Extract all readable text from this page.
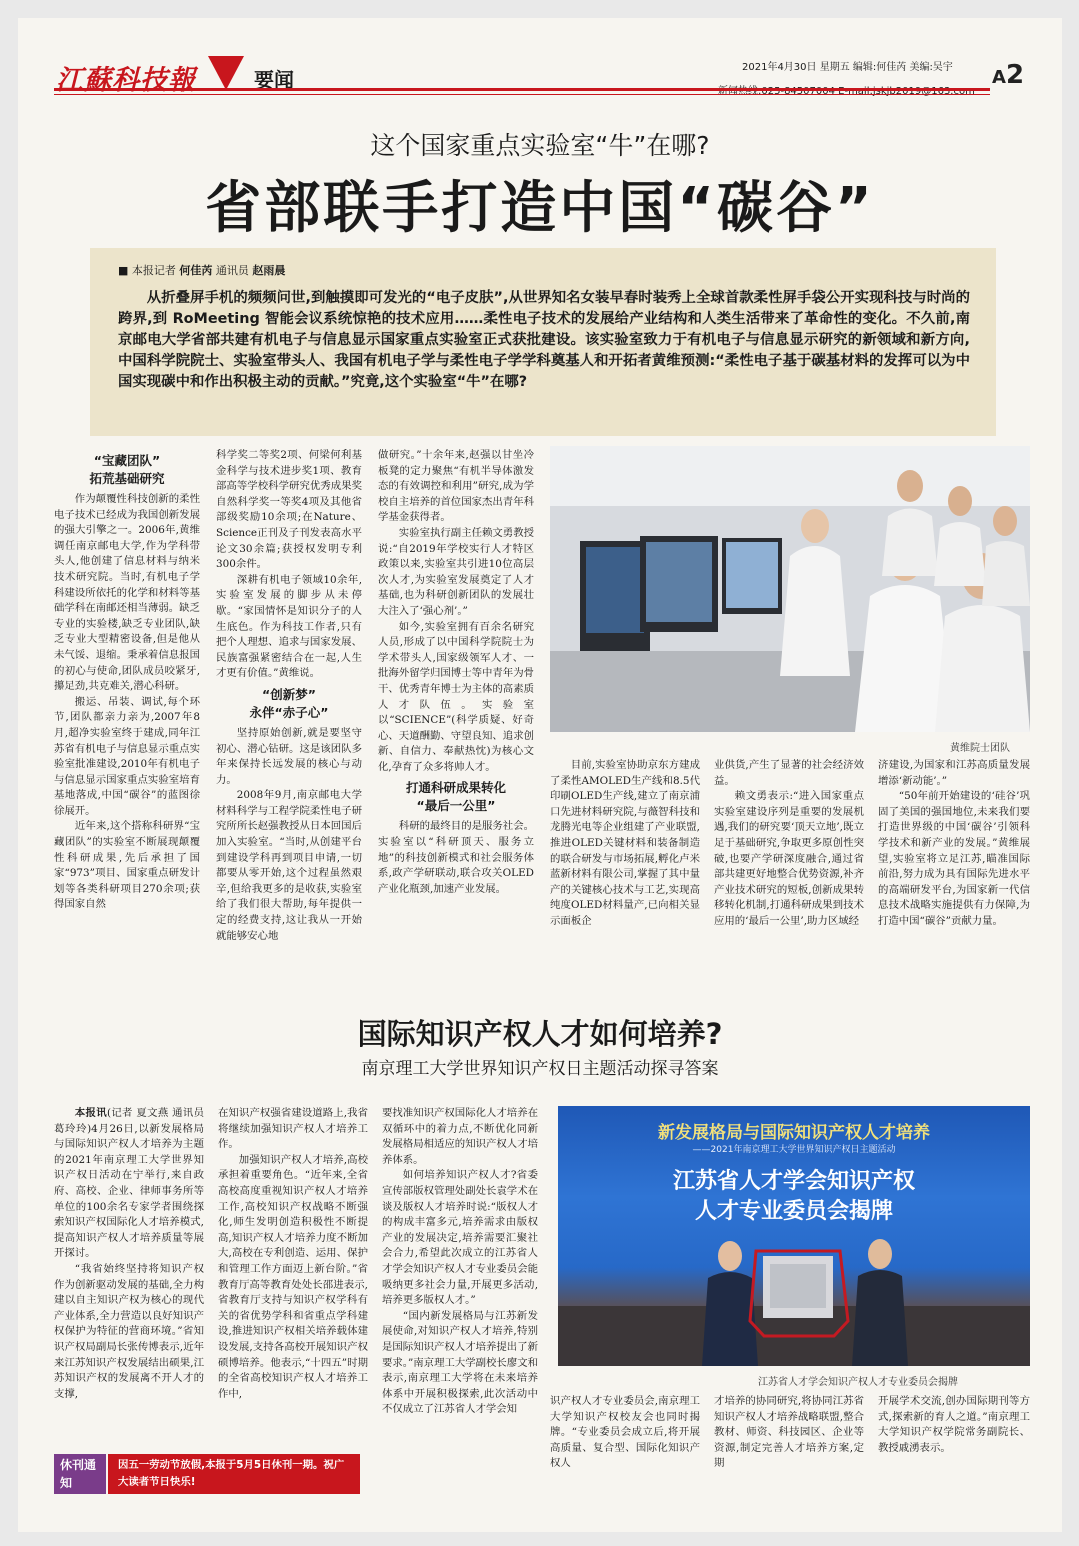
江蘇科技報	要闻
2021年4月30日 星期五 编辑:何佳芮 美编:吴宇
新闻热线:025-84507004 E-mail:jskjb2019@163.com
A2
这个国家重点实验室“牛”在哪?
省部联手打造中国“碳谷”
■ 本报记者 何佳芮 通讯员 赵雨晨

从折叠屏手机的频频问世,到触摸即可发光的“电子皮肤”,从世界知名女装早春时装秀上全球首款柔性屏手袋公开实现科技与时尚的跨界,到 RoMeeting 智能会议系统惊艳的技术应用……柔性电子技术的发展给产业结构和人类生活带来了革命性的变化。不久前,南京邮电大学省部共建有机电子与信息显示国家重点实验室正式获批建设。该实验室致力于有机电子与信息显示研究的新领域和新方向,中国科学院院士、实验室带头人、我国有机电子学与柔性电子学学科奠基人和开拓者黄维预测:“柔性电子基于碳基材料的发挥可以为中国实现碳中和作出积极主动的贡献。”究竟,这个实验室“牛”在哪?

“宝藏团队”
拓荒基础研究

作为颠覆性科技创新的柔性电子技术已经成为我国创新发展的强大引擎之一。2006年,黄维调任南京邮电大学,作为学科带头人,他创建了信息材料与纳米技术研究院。当时,有机电子学科建设所依托的化学和材料等基础学科在南邮还相当薄弱。缺乏专业的实验楼,缺乏专业团队,缺乏专业大型精密设备,但是他从未气馁、退缩。秉承着信息报国的初心与使命,团队成员咬紧牙,攥足劲,共克难关,潜心科研。

搬运、吊装、调试,每个环节,团队都亲力亲为,2007年8月,超净实验室终于建成,同年江苏省有机电子与信息显示重点实验室批准建设,2010年有机电子与信息显示国家重点实验室培育基地落成,中国“碳谷”的蓝图徐徐展开。

近年来,这个搭称科研界“宝藏团队”的实验室不断展现颠覆性科研成果,先后承担了国家“973”项目、国家重点研发计划等各类科研项目270余项;获得国家自然

科学奖二等奖2项、何梁何利基金科学与技术进步奖1项、教育部高等学校科学研究优秀成果奖自然科学奖一等奖4项及其他省部级奖励10余项;在Nature、Science正刊及子刊发表高水平论文30余篇;获授权发明专利300余件。

深耕有机电子领域10余年,实验室发展的脚步从未停歇。“家国情怀是知识分子的人生底色。作为科技工作者,只有把个人理想、追求与国家发展、民族富强紧密结合在一起,人生才更有价值。”黄维说。

“创新梦”
永伴“赤子心”

坚持原始创新,就是要坚守初心、潜心钻研。这是该团队多年来保持长远发展的核心与动力。

2008年9月,南京邮电大学材料科学与工程学院柔性电子研究所所长赵强教授从日本回国后加入实验室。“当时,从创建平台到建设学科再到项目申请,一切都要从零开始,这个过程虽然艰辛,但给我更多的是收获,实验室给了我们很大帮助,每年提供一定的经费支持,这让我从一开始就能够安心地

做研究。”十余年来,赵强以甘坐冷板凳的定力聚焦“有机半导体激发态的有效调控和利用”研究,成为学校自主培养的首位国家杰出青年科学基金获得者。

实验室执行副主任赖文勇教授说:“自2019年学校实行人才特区政策以来,实验室共引进10位高层次人才,为实验室发展奠定了人才基础,也为科研创新团队的发展壮大注入了‘强心剂’。”

如今,实验室拥有百余名研究人员,形成了以中国科学院院士为学术带头人,国家级领军人才、一批海外留学归国博士等中青年为骨干、优秀青年博士为主体的高素质人才队伍。实验室以“SCIENCE”(科学质疑、好奇心、天道酬勤、守望良知、追求创新、自信力、奉献热忱)为核心文化,孕育了众多将帅人才。

打通科研成果转化
“最后一公里”

科研的最终目的是服务社会。实验室以“科研顶天、服务立地”的科技创新模式和社会服务体系,政产学研联动,联合攻关OLED产业化瓶颈,加速产业发展。

黄维院士团队

目前,实验室协助京东方建成了柔性AMOLED生产线和8.5代印刷OLED生产线,建立了南京浦口先进材料研究院,与薇智科技和龙腾光电等企业组建了产业联盟,推进OLED关键材料和装备制造的联合研发与市场拓展,孵化卢米蓝新材料有限公司,掌握了其中量产的关键核心技术与工艺,实现高纯度OLED材料量产,已向相关显示面板企

业供货,产生了显著的社会经济效益。

赖文勇表示:“进入国家重点实验室建设序列是重要的发展机遇,我们的研究要‘顶天立地’,既立足于基础研究,争取更多原创性突破,也要产学研深度融合,通过省部共建更好地整合优势资源,补齐产业技术研究的短板,创新成果转移转化机制,打通科研成果到技术应用的‘最后一公里’,助力区域经

济建设,为国家和江苏高质量发展增添‘新动能’。”

“50年前开始建设的‘硅谷’巩固了美国的强国地位,未来我们要打造世界级的中国‘碳谷’引领科学技术和新产业的发展。”黄维展望,实验室将立足江苏,瞄准国际前沿,努力成为具有国际先进水平的高端研发平台,为国家新一代信息技术战略实施提供有力保障,为打造中国“碳谷”贡献力量。

国际知识产权人才如何培养?
南京理工大学世界知识产权日主题活动探寻答案

本报讯(记者 夏文燕 通讯员 葛玲玲)4月26日,以新发展格局与国际知识产权人才培养为主题的2021年南京理工大学世界知识产权日活动在宁举行,来自政府、高校、企业、律师事务所等单位的100余名专家学者围绕探索知识产权国际化人才培养模式,提高知识产权人才培养质量等展开探讨。

“我省始终坚持将知识产权作为创新驱动发展的基础,全力构建以自主知识产权为核心的现代产业体系,全力营造以良好知识产权保护为特征的营商环境。”省知识产权局副局长张传博表示,近年来江苏知识产权发展结出硕果,江苏知识产权的发展离不开人才的支撑,

在知识产权强省建设道路上,我省将继续加强知识产权人才培养工作。

加强知识产权人才培养,高校承担着重要角色。“近年来,全省高校高度重视知识产权人才培养工作,高校知识产权战略不断强化,师生发明创造积极性不断提高,知识产权人才培养力度不断加大,高校在专利创造、运用、保护和管理工作方面迈上新台阶。”省教育厅高等教育处处长邵进表示,省教育厅支持与知识产权学科有关的省优势学科和省重点学科建设,推进知识产权相关培养载体建设发展,支持各高校开展知识产权硕博培养。他表示,“十四五”时期的全省高校知识产权人才培养工作中,

要找准知识产权国际化人才培养在双循环中的着力点,不断优化同新发展格局相适应的知识产权人才培养体系。

如何培养知识产权人才?省委宣传部版权管理处副处长袁学术在谈及版权人才培养时说:“版权人才的构成丰富多元,培养需求由版权产业的发展决定,培养需要汇聚社会合力,希望此次成立的江苏省人才学会知识产权人才专业委员会能吸纳更多社会力量,开展更多活动,培养更多版权人才。”

“国内新发展格局与江苏新发展使命,对知识产权人才培养,特别是国际知识产权人才培养提出了新要求。”南京理工大学副校长廖文和表示,南京理工大学将在未来培养体系中开展积极探索,此次活动中不仅成立了江苏省人才学会知

新发展格局与国际知识产权人才培养
——2021年南京理工大学世界知识产权日主题活动
江苏省人才学会知识产权
人才专业委员会揭牌
江苏省人才学会知识产权人才专业委员会揭牌

识产权人才专业委员会,南京理工大学知识产权校友会也同时揭牌。“专业委员会成立后,将开展高质量、复合型、国际化知识产权人

才培养的协同研究,将协同江苏省知识产权人才培养战略联盟,整合教材、师资、科技园区、企业等资源,制定完善人才培养方案,定期

开展学术交流,创办国际期刊等方式,探索新的育人之道。”南京理工大学知识产权学院常务副院长、教授戚湧表示。

休刊通知
因五一劳动节放假,本报于5月5日休刊一期。祝广大读者节日快乐!
